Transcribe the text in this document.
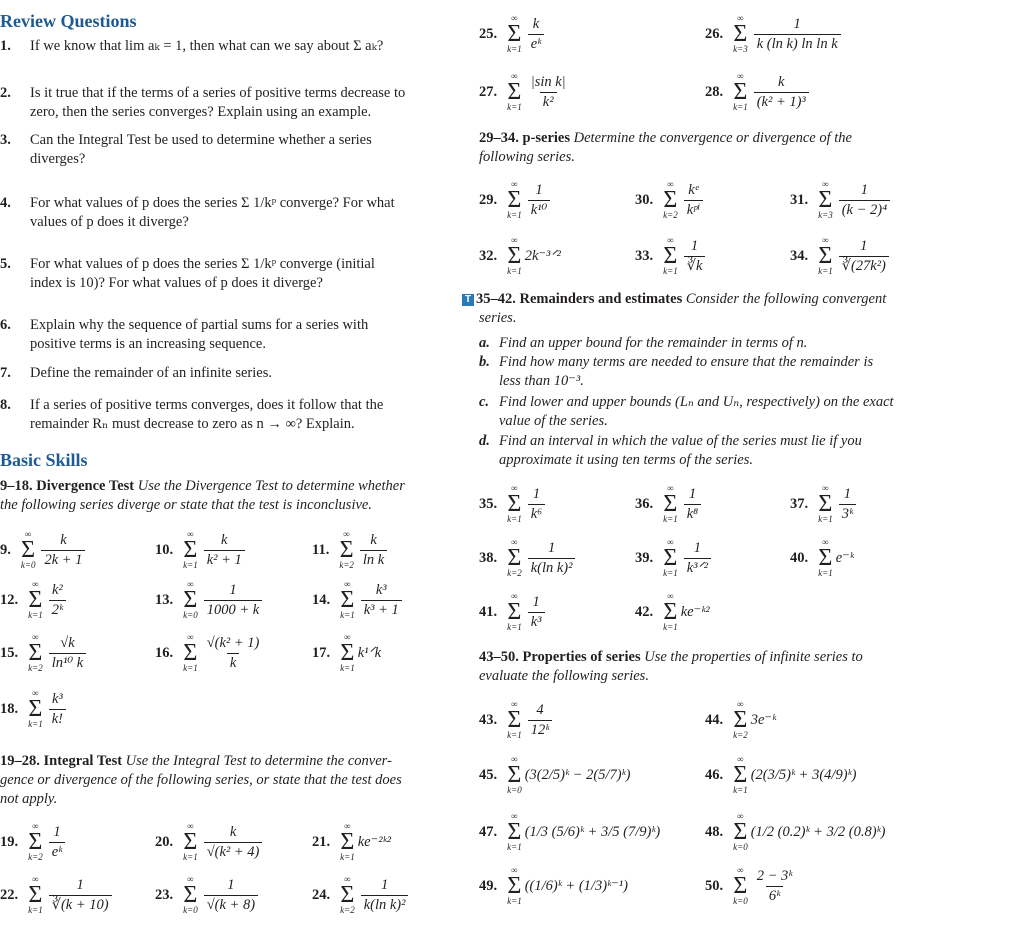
Review Questions
1. If we know that lim aₖ = 1, then what can we say about Σ aₖ?
2. Is it true that if the terms of a series of positive terms decrease to
zero, then the series converges? Explain using an example.
3. Can the Integral Test be used to determine whether a series
diverges?
4. For what values of p does the series Σ 1/kᵖ converge? For what
values of p does it diverge?
5. For what values of p does the series Σ 1/kᵖ converge (initial
index is 10)? For what values of p does it diverge?
6. Explain why the sequence of partial sums for a series with
positive terms is an increasing sequence.
7. Define the remainder of an infinite series.
8. If a series of positive terms converges, does it follow that the
remainder Rₙ must decrease to zero as n → ∞? Explain.
Basic Skills
9–18. Divergence Test Use the Divergence Test to determine whether
the following series diverge or state that the test is inconclusive.
19–28. Integral Test Use the Integral Test to determine the conver-
gence or divergence of the following series, or state that the test does
not apply.
9.
∞
Σ
$k=0 \frac{k}{2k + 1}$	10.
∞
Σ
$k=1 \frac{k}{\text{k² + 1}}$	11.
∞
Σ
$k=2 \frac{k}{\text{ln k}}$
12.
∞
Σ
$k=1 \frac{\text{k²}}{\text{2ᵏ}}$	13.
∞
Σ
$k=0 \frac{1}{1000 + k}$	14.
∞
Σ
$k=1 \frac{\text{k³}}{\text{k³ + 1}}$
15.
∞
Σ
$k=2 \frac{√k}{\text{ln¹⁰ k}}$	16.
∞
Σ
$k=1 \frac{\text{√(k² + 1)}}{k}$	17.
∞
Σ
k=1
k¹ᐟk
18.
∞
Σ
$k=1 \frac{\text{k³}}{k!}$
19.
∞
Σ
$k=2 \frac{1}{\text{eᵏ}}$	20.
∞
Σ
$k=1 \frac{k}{\text{√(k² + 4)}}$	21.
∞
Σ
k=1
ke⁻²ᵏ²
22.
∞
Σ
$k=1 \frac{1}{∛(k + 10)}$	23.
∞
Σ
$k=0 \frac{1}{√(k + 8)}$	24.
∞
Σ
$k=2 \frac{1}{\text{k(ln k)²}}$
25.
∞
Σ
$k=1 \frac{k}{\text{eᵏ}}$	26.
∞
Σ
$k=3 \frac{1}{\text{k (ln k) ln ln k}}$
27.
∞
Σ
$k=1 \frac{\text{|sin k|}}{\text{k²}}$	28.
∞
Σ
$k=1 \frac{k}{\text{(k² + 1)³}}$
29–34. p-series Determine the convergence or divergence of the
following series.
29.
∞
Σ
$k=1 \frac{1}{\text{k¹⁰}}$	30.
∞
Σ
$k=2 \frac{\text{kᵉ}}{\text{kᵖⁱ}}$	31.
∞
Σ
$k=3 \frac{1}{\text{(k − 2)⁴}}$
32.
∞
Σ
k=1
2k⁻³ᐟ²	33.
∞
Σ
$k=1 \frac{1}{∛k}$	34.
∞
Σ
$k=1 \frac{1}{\text{∛(27k²)}}$
T 35–42. Remainders and estimates Consider the following convergent
series.
a. Find an upper bound for the remainder in terms of n.
b. Find how many terms are needed to ensure that the remainder is
less than 10⁻³.
c. Find lower and upper bounds (Lₙ and Uₙ, respectively) on the exact
value of the series.
d. Find an interval in which the value of the series must lie if you
approximate it using ten terms of the series.
35.
∞
Σ
$k=1 \frac{1}{\text{k⁶}}$	36.
∞
Σ
$k=1 \frac{1}{\text{k⁸}}$	37.
∞
Σ
$k=1 \frac{1}{\text{3ᵏ}}$
38.
∞
Σ
$k=2 \frac{1}{\text{k(ln k)²}}$	39.
∞
Σ
$k=1 \frac{1}{\text{k³ᐟ²}}$	40.
∞
Σ
k=1
e⁻ᵏ
41.
∞
Σ
$k=1 \frac{1}{\text{k³}}$	42.
∞
Σ
k=1
ke⁻ᵏ²
43–50. Properties of series Use the properties of infinite series to
evaluate the following series.
43.
∞
Σ
$k=1 \frac{4}{\text{12ᵏ}}$	44.
∞
Σ
k=2
3e⁻ᵏ
45.
∞
Σ
k=0
(3(2/5)ᵏ − 2(5/7)ᵏ)	46.
∞
Σ
k=1
(2(3/5)ᵏ + 3(4/9)ᵏ)
47.
∞
Σ
k=1
(1/3 (5/6)ᵏ + 3/5 (7/9)ᵏ)	48.
∞
Σ
k=0
(1/2 (0.2)ᵏ + 3/2 (0.8)ᵏ)
49.
∞
Σ
k=1
((1/6)ᵏ + (1/3)ᵏ⁻¹)	50.
∞
Σ
$k=0 \frac{\text{2 − 3ᵏ}}{\text{6ᵏ}}$
